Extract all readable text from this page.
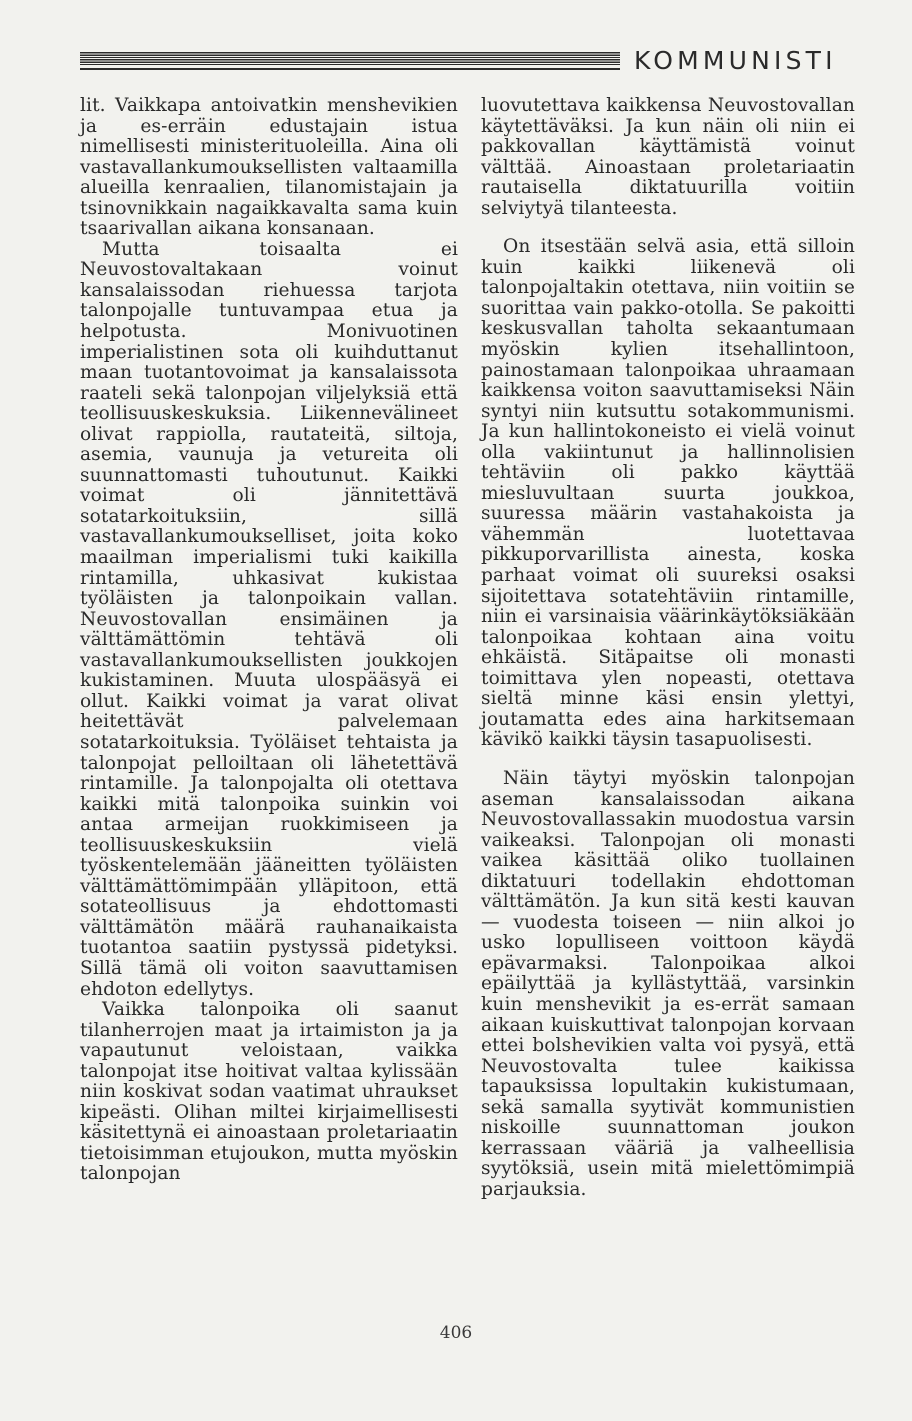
KOMMUNISTI

lit. Vaikkapa antoivatkin menshevikien ja es-erräin edustajain istua nimellisesti ministerituoleilla. Aina oli vastavallankumouksellisten valtaamilla alueilla kenraalien, tilanomistajain ja tsinovnikkain nagaikkavalta sama kuin tsaarivallan aikana konsanaan.

Mutta toisaalta ei Neuvostovaltakaan voinut kansalaissodan riehuessa tarjota talonpojalle tuntuvampaa etua ja helpotusta. Monivuotinen imperialistinen sota oli kuihduttanut maan tuotantovoimat ja kansalaissota raateli sekä talonpojan viljelyksiä että teollisuuskeskuksia. Liikennevälineet olivat rappiolla, rautateitä, siltoja, asemia, vaunuja ja vetureita oli suunnattomasti tuhoutunut. Kaikki voimat oli jännitettävä sotatarkoituksiin, sillä vastavallankumoukselliset, joita koko maailman imperialismi tuki kaikilla rintamilla, uhkasivat kukistaa työläisten ja talonpoikain vallan. Neuvostovallan ensimäinen ja välttämättömin tehtävä oli vastavallankumouksellisten joukkojen kukistaminen. Muuta ulospääsyä ei ollut. Kaikki voimat ja varat olivat heitettävät palvelemaan sotatarkoituksia. Työläiset tehtaista ja talonpojat pelloiltaan oli lähetettävä rintamille. Ja talonpojalta oli otettava kaikki mitä talonpoika suinkin voi antaa armeijan ruokkimiseen ja teollisuuskeskuksiin vielä työskentelemään jääneitten työläisten välttämättömimpään ylläpitoon, että sotateollisuus ja ehdottomasti välttämätön määrä rauhanaikaista tuotantoa saatiin pystyssä pidetyksi. Sillä tämä oli voiton saavuttamisen ehdoton edellytys.

Vaikka talonpoika oli saanut tilanherrojen maat ja irtaimiston ja ja vapautunut veloistaan, vaikka talonpojat itse hoitivat valtaa kylissään niin koskivat sodan vaatimat uhraukset kipeästi. Olihan miltei kirjaimellisesti käsitettynä ei ainoastaan proletariaatin tietoisimman etujoukon, mutta myöskin talonpojan

luovutettava kaikkensa Neuvostovallan käytettäväksi. Ja kun näin oli niin ei pakkovallan käyttämistä voinut välttää. Ainoastaan proletariaatin rautaisella diktatuurilla voitiin selviytyä tilanteesta.

On itsestään selvä asia, että silloin kuin kaikki liikenevä oli talonpojaltakin otettava, niin voitiin se suorittaa vain pakko-otolla. Se pakoitti keskusvallan taholta sekaantumaan myöskin kylien itsehallintoon, painostamaan talonpoikaa uhraamaan kaikkensa voiton saavuttamiseksi Näin syntyi niin kutsuttu sotakommunismi. Ja kun hallintokoneisto ei vielä voinut olla vakiintunut ja hallinnolisien tehtäviin oli pakko käyttää miesluvultaan suurta joukkoa, suuressa määrin vastahakoista ja vähemmän luotettavaa pikkuporvarillista ainesta, koska parhaat voimat oli suureksi osaksi sijoitettava sotatehtäviin rintamille, niin ei varsinaisia väärinkäytöksiäkään talonpoikaa kohtaan aina voitu ehkäistä. Sitäpaitse oli monasti toimittava ylen nopeasti, otettava sieltä minne käsi ensin ylettyi, joutamatta edes aina harkitsemaan kävikö kaikki täysin tasapuolisesti.

Näin täytyi myöskin talonpojan aseman kansalaissodan aikana Neuvostovallassakin muodostua varsin vaikeaksi. Talonpojan oli monasti vaikea käsittää oliko tuollainen diktatuuri todellakin ehdottoman välttämätön. Ja kun sitä kesti kauvan — vuodesta toiseen — niin alkoi jo usko lopulliseen voittoon käydä epävarmaksi. Talonpoikaa alkoi epäilyttää ja kyllästyttää, varsinkin kuin menshevikit ja es-errät samaan aikaan kuiskuttivat talonpojan korvaan ettei bolshevikien valta voi pysyä, että Neuvostovalta tulee kaikissa tapauksissa lopultakin kukistumaan, sekä samalla syytivät kommunistien niskoille suunnattoman joukon kerrassaan vääriä ja valheellisia syytöksiä, usein mitä mielettömimpiä parjauksia.

406
